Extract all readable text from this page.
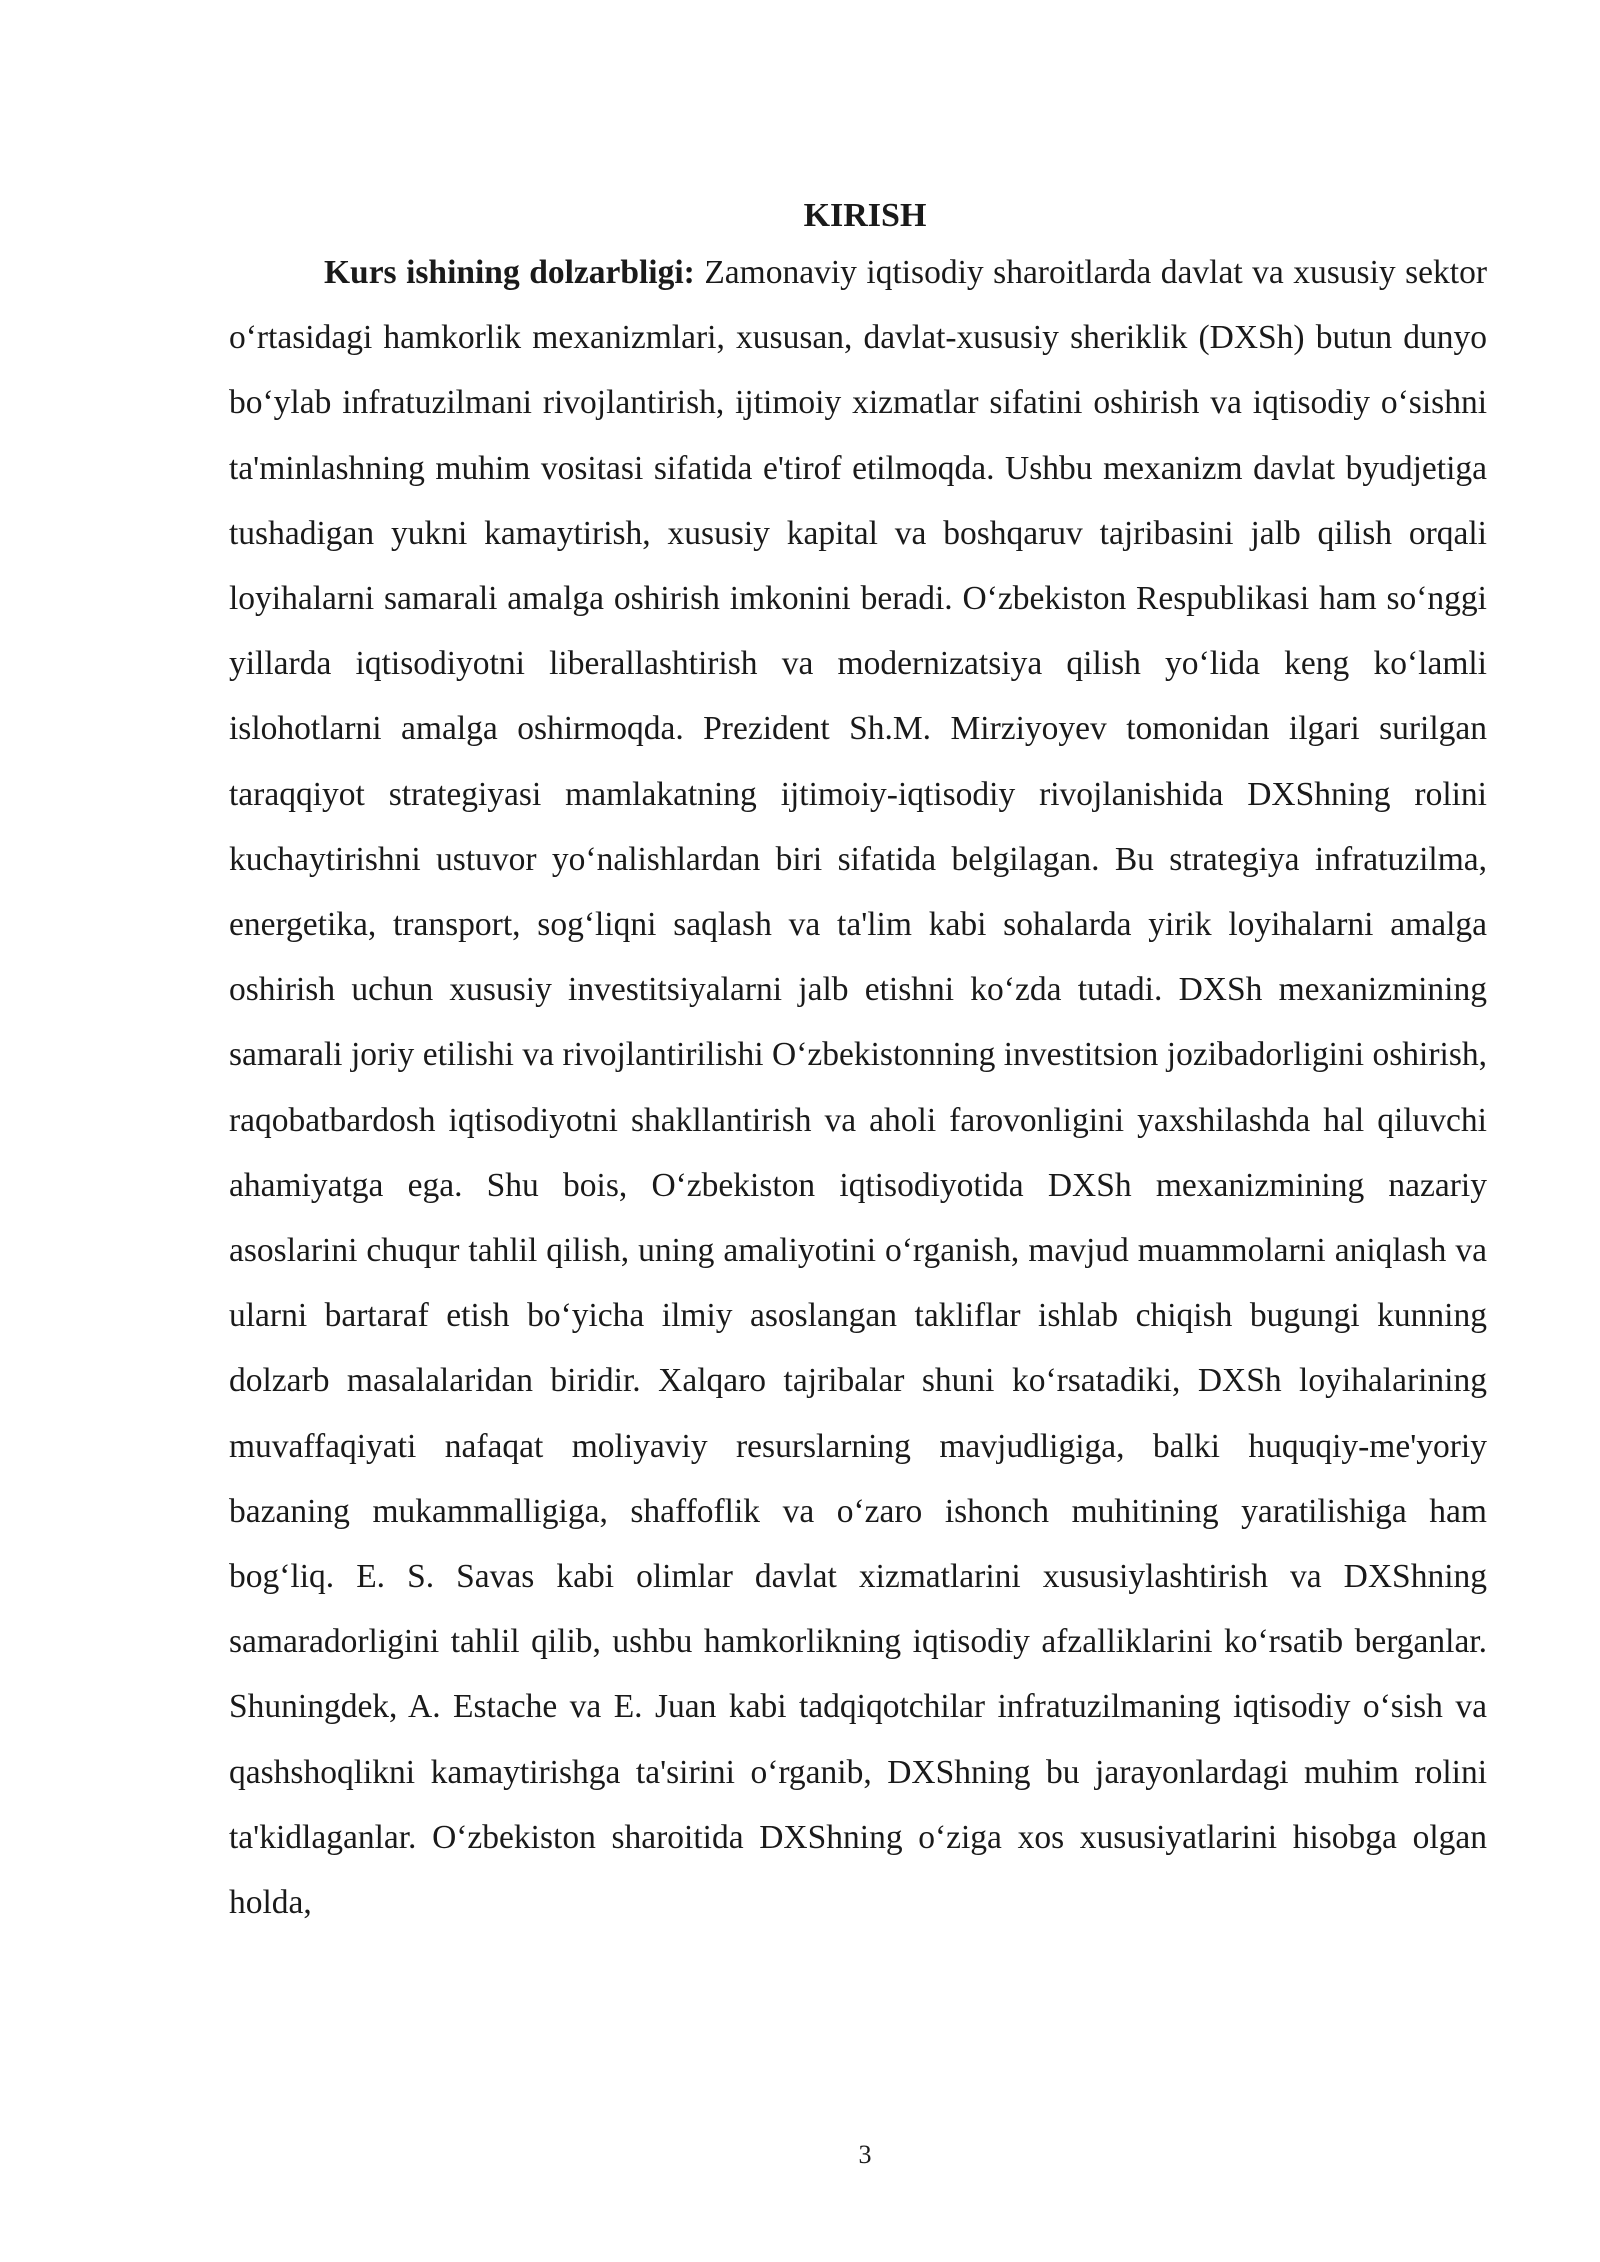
KIRISH

Kurs ishining dolzarbligi: Zamonaviy iqtisodiy sharoitlarda davlat va xususiy sektor o‘rtasidagi hamkorlik mexanizmlari, xususan, davlat-xususiy sheriklik (DXSh) butun dunyo bo‘ylab infratuzilmani rivojlantirish, ijtimoiy xizmatlar sifatini oshirish va iqtisodiy o‘sishni ta'minlashning muhim vositasi sifatida e'tirof etilmoqda. Ushbu mexanizm davlat byudjetiga tushadigan yukni kamaytirish, xususiy kapital va boshqaruv tajribasini jalb qilish orqali loyihalarni samarali amalga oshirish imkonini beradi. O‘zbekiston Respublikasi ham so‘nggi yillarda iqtisodiyotni liberallashtirish va modernizatsiya qilish yo‘lida keng ko‘lamli islohotlarni amalga oshirmoqda. Prezident Sh.M. Mirziyoyev tomonidan ilgari surilgan taraqqiyot strategiyasi mamlakatning ijtimoiy-iqtisodiy rivojlanishida DXShning rolini kuchaytirishni ustuvor yo‘nalishlardan biri sifatida belgilagan. Bu strategiya infratuzilma, energetika, transport, sog‘liqni saqlash va ta'lim kabi sohalarda yirik loyihalarni amalga oshirish uchun xususiy investitsiyalarni jalb etishni ko‘zda tutadi. DXSh mexanizmining samarali joriy etilishi va rivojlantirilishi O‘zbekistonning investitsion jozibadorligini oshirish, raqobatbardosh iqtisodiyotni shakllantirish va aholi farovonligini yaxshilashda hal qiluvchi ahamiyatga ega. Shu bois, O‘zbekiston iqtisodiyotida DXSh mexanizmining nazariy asoslarini chuqur tahlil qilish, uning amaliyotini o‘rganish, mavjud muammolarni aniqlash va ularni bartaraf etish bo‘yicha ilmiy asoslangan takliflar ishlab chiqish bugungi kunning dolzarb masalalaridan biridir. Xalqaro tajribalar shuni ko‘rsatadiki, DXSh loyihalarining muvaffaqiyati nafaqat moliyaviy resurslarning mavjudligiga, balki huquqiy-me'yoriy bazaning mukammalligiga, shaffoflik va o‘zaro ishonch muhitining yaratilishiga ham bog‘liq. E. S. Savas kabi olimlar davlat xizmatlarini xususiylashtirish va DXShning samaradorligini tahlil qilib, ushbu hamkorlikning iqtisodiy afzalliklarini ko‘rsatib berganlar. Shuningdek, A. Estache va E. Juan kabi tadqiqotchilar infratuzilmaning iqtisodiy o‘sish va qashshoqlikni kamaytirishga ta'sirini o‘rganib, DXShning bu jarayonlardagi muhim rolini ta'kidlaganlar. O‘zbekiston sharoitida DXShning o‘ziga xos xususiyatlarini hisobga olgan holda,

3
